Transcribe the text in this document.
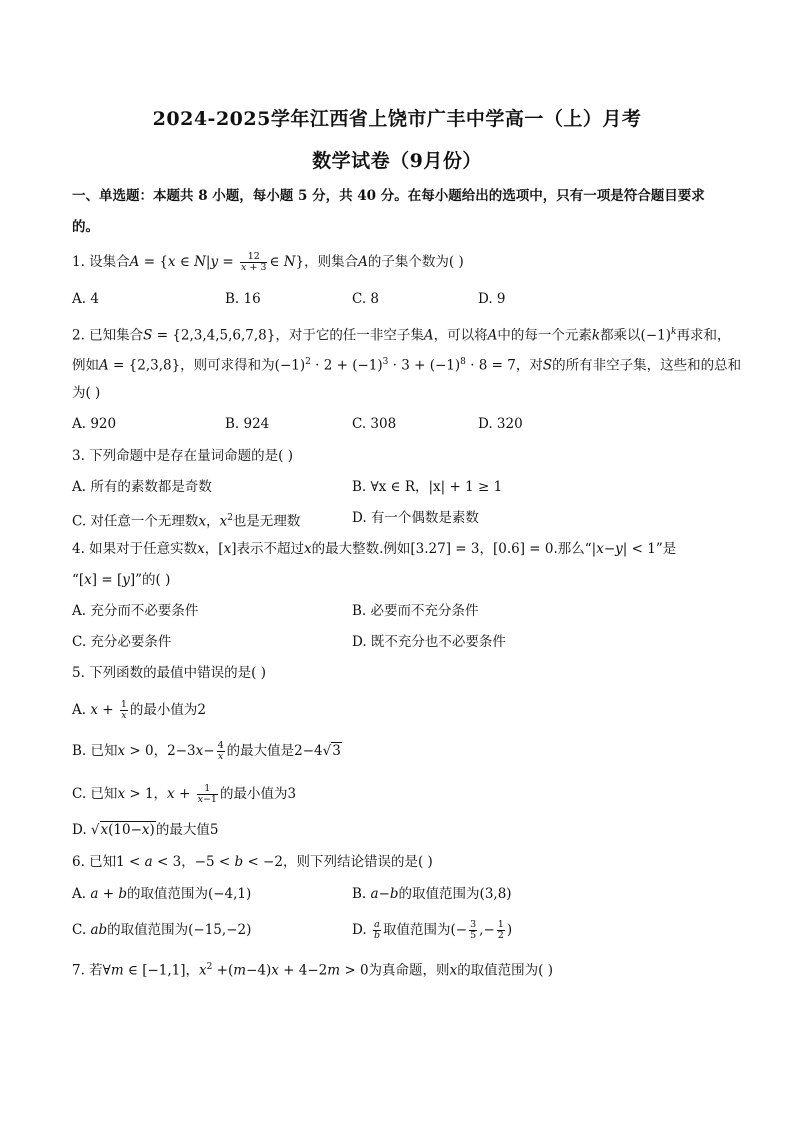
2024-2025学年江西省上饶市广丰中学高一（上）月考
数学试卷（9月份）
一、单选题：本题共 8 小题，每小题 5 分，共 40 分。在每小题给出的选项中，只有一项是符合题目要求
的。
1. 设集合A = {x ∈ $N|y = \frac{12}{x + 3}$ ∈ N}，则集合A的子集个数为( )
A. 4	B. 16	C. 8	D. 9
2. 已知集合S = {2,3,4,5,6,7,8}，对于它的任一非空子集A，可以将A中的每一个元素k都乘以$(-1)^k$再求和，
例如A = {2,3,8}，则可求得和为$(-1)^2 \cdot 2 + (-1)^3 \cdot 3 + (-1)^8 \cdot 8 = 7$，对S的所有非空子集，这些和的总和
为( )
A. 920	B. 924	C. 308	D. 320
3. 下列命题中是存在量词命题的是( )
A. 所有的素数都是奇数	B. ∀x ∈ R，|x| + 1 ≥ 1
C. 对任意一个无理数x，$x^2$也是无理数	D. 有一个偶数是素数
4. 如果对于任意实数x，[x]表示不超过x的最大整数.例如[3.27] = 3，[0.6] = 0.那么“|x−y| < 1”是
“[x] = [y]”的( )
A. 充分而不必要条件	B. 必要而不充分条件
C. 充分必要条件	D. 既不充分也不必要条件
5. 下列函数的最值中错误的是( )
A. $x + \frac{1}{x}$ 的最小值为2
B. 已知x > 0，$2-3x- \frac{4}{x}$ 的最大值是2−4√3
C. 已知x > 1，$x + \frac{1}{x-1}$ 的最小值为3
D. √x(10−x)的最大值5
6. 已知1 < a < 3，−5 < b < −2，则下列结论错误的是( )
A. a + b的取值范围为(−4,1)	B. a−b的取值范围为(3,8)
C. ab的取值范围为(−15,−2)	D. $\frac{a}{b}$ 取值范围为(− $\frac{3}{5}$ ,− $\frac{1}{2}$ )
7. 若∀m ∈ [−1,1]，$x^2 +(m-4)x + 4-2m > 0$为真命题，则x的取值范围为( )
